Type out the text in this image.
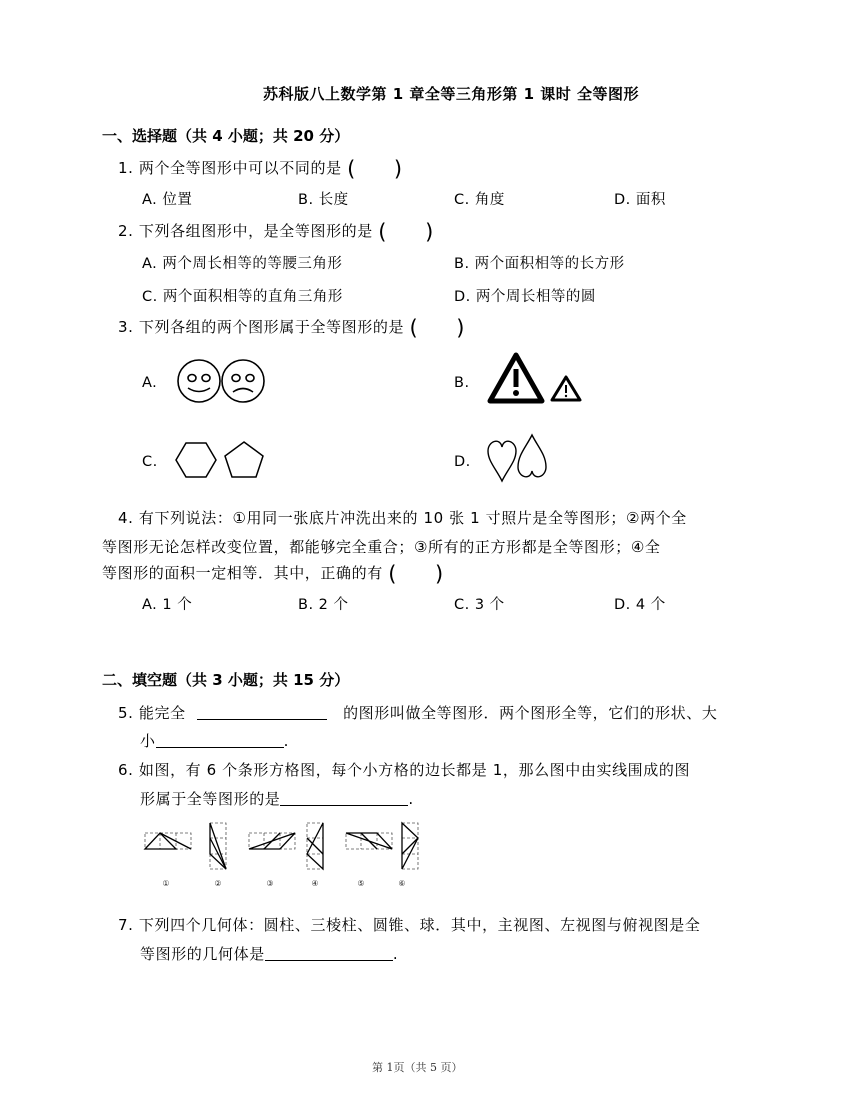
苏科版八上数学第 1 章全等三角形第 1 课时 全等图形
一、选择题（共 4 小题；共 20 分）
1. 两个全等图形中可以不同的是 ( )
A. 位置	B. 长度	C. 角度	D. 面积
2. 下列各组图形中，是全等图形的是 ( )
A. 两个周长相等的等腰三角形	B. 两个面积相等的长方形
C. 两个面积相等的直角三角形	D. 两个周长相等的圆
3. 下列各组的两个图形属于全等图形的是 ( )
A.	B.
C.	D.
4. 有下列说法：①用同一张底片冲洗出来的 10 张 1 寸照片是全等图形；②两个全
等图形无论怎样改变位置，都能够完全重合；③所有的正方形都是全等图形；④全
等图形的面积一定相等．其中，正确的有 ( )
A. 1 个	B. 2 个	C. 3 个	D. 4 个
二、填空题（共 3 小题；共 15 分）
5. 能完全	的图形叫做全等图形．两个图形全等，它们的形状、大
小	.
6. 如图，有 6 个条形方格图，每个小方格的边长都是 1，那么图中由实线围成的图
形属于全等图形的是	.
①	②	③	④	⑤	⑥
7. 下列四个几何体：圆柱、三棱柱、圆锥、球．其中，主视图、左视图与俯视图是全
等图形的几何体是	.
第 1页（共 5 页）
